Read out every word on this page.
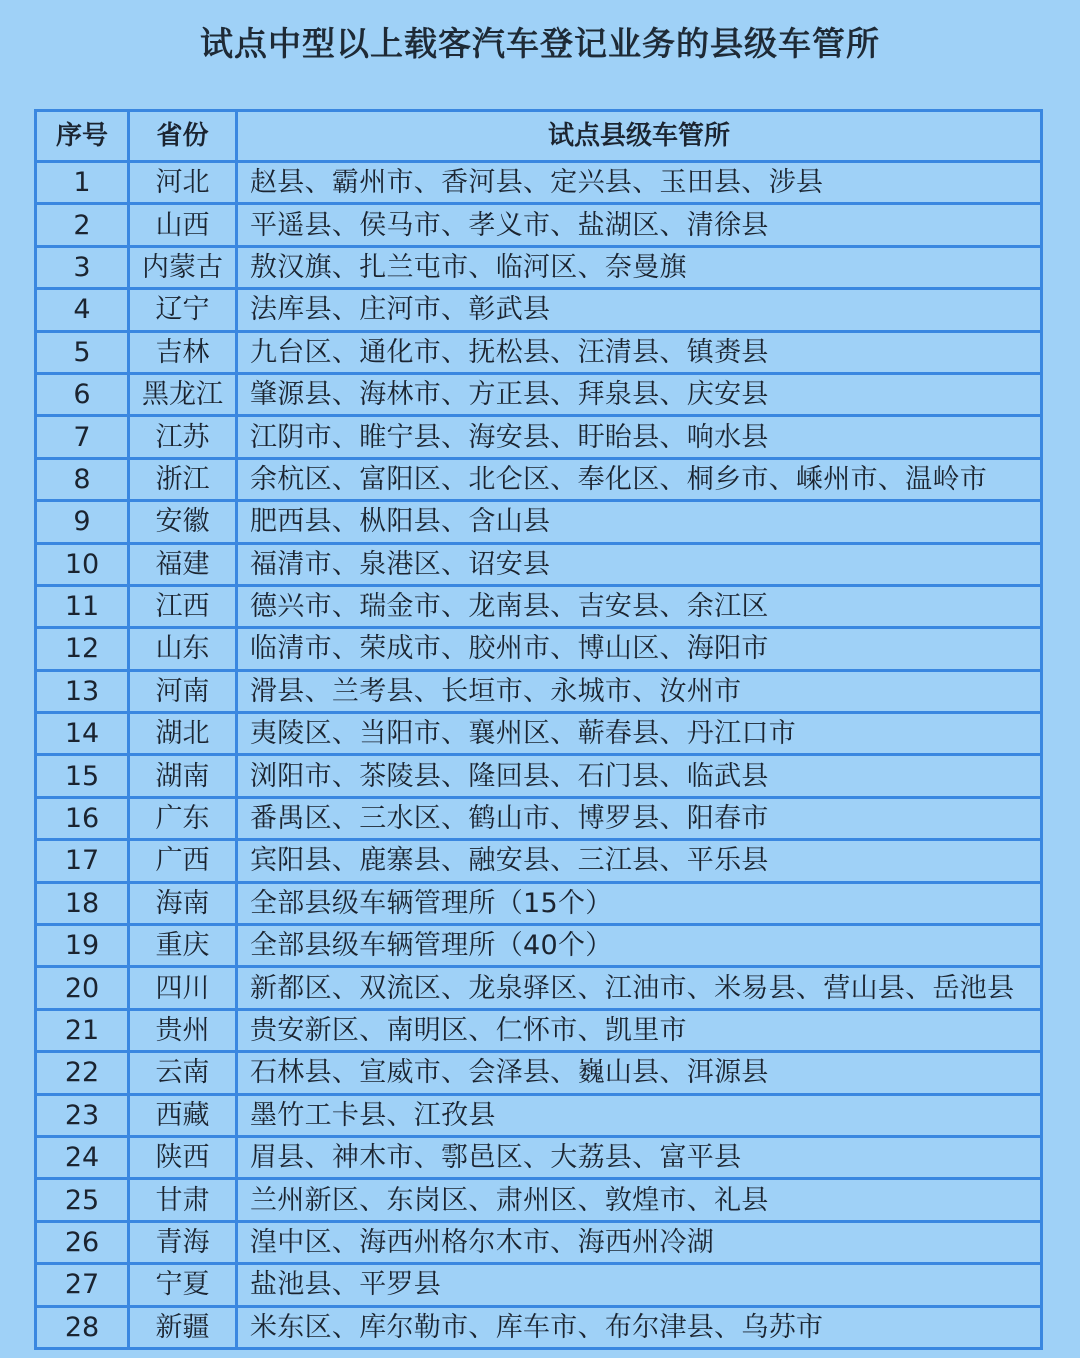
试点中型以上载客汽车登记业务的县级车管所
序号	省份	试点县级车管所
1	河北	赵县、霸州市、香河县、定兴县、玉田县、涉县
2	山西	平遥县、侯马市、孝义市、盐湖区、清徐县
3	内蒙古	敖汉旗、扎兰屯市、临河区、奈曼旗
4	辽宁	法库县、庄河市、彰武县
5	吉林	九台区、通化市、抚松县、汪清县、镇赉县
6	黑龙江	肇源县、海林市、方正县、拜泉县、庆安县
7	江苏	江阴市、睢宁县、海安县、盱眙县、响水县
8	浙江	余杭区、富阳区、北仑区、奉化区、桐乡市、嵊州市、温岭市
9	安徽	肥西县、枞阳县、含山县
10	福建	福清市、泉港区、诏安县
11	江西	德兴市、瑞金市、龙南县、吉安县、余江区
12	山东	临清市、荣成市、胶州市、博山区、海阳市
13	河南	滑县、兰考县、长垣市、永城市、汝州市
14	湖北	夷陵区、当阳市、襄州区、蕲春县、丹江口市
15	湖南	浏阳市、茶陵县、隆回县、石门县、临武县
16	广东	番禺区、三水区、鹤山市、博罗县、阳春市
17	广西	宾阳县、鹿寨县、融安县、三江县、平乐县
18	海南	全部县级车辆管理所（15个）
19	重庆	全部县级车辆管理所（40个）
20	四川	新都区、双流区、龙泉驿区、江油市、米易县、营山县、岳池县
21	贵州	贵安新区、南明区、仁怀市、凯里市
22	云南	石林县、宣威市、会泽县、巍山县、洱源县
23	西藏	墨竹工卡县、江孜县
24	陕西	眉县、神木市、鄠邑区、大荔县、富平县
25	甘肃	兰州新区、东岗区、肃州区、敦煌市、礼县
26	青海	湟中区、海西州格尔木市、海西州冷湖
27	宁夏	盐池县、平罗县
28	新疆	米东区、库尔勒市、库车市、布尔津县、乌苏市
